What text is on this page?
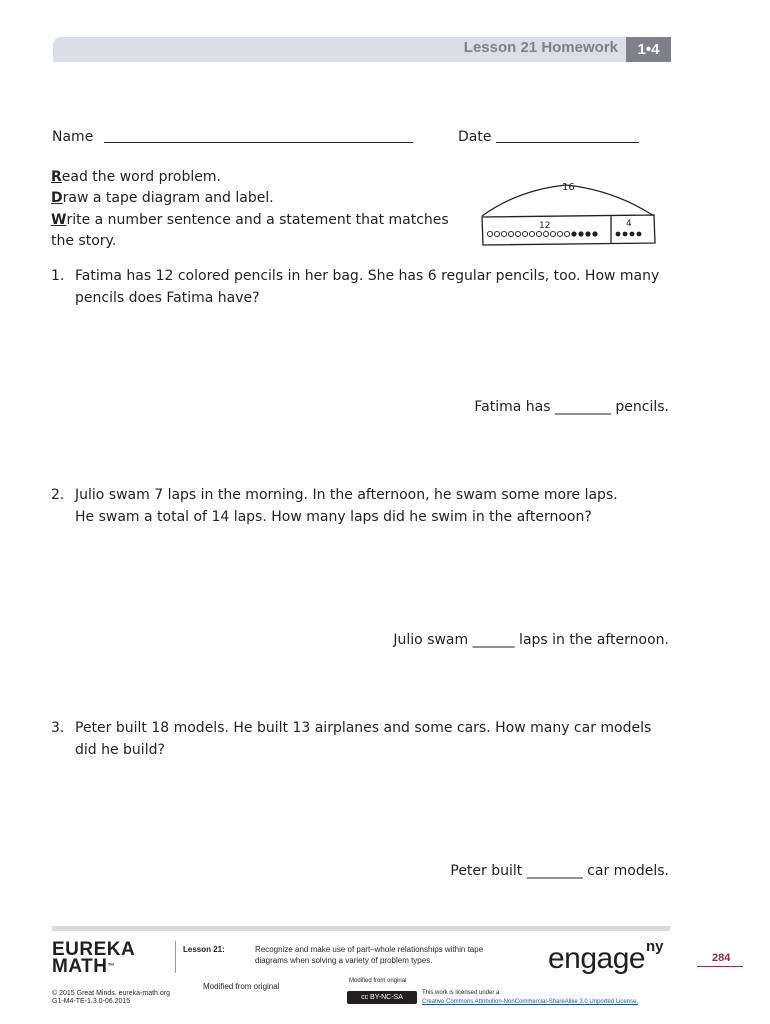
Lesson 21 Homework	1•4
Name	Date
Read the word problem.
Draw a tape diagram and label.
Write a number sentence and a statement that matches
the story.
16
12	4
1. Fatima has 12 colored pencils in her bag. She has 6 regular pencils, too. How many
pencils does Fatima have?
Fatima has ________ pencils.
2. Julio swam 7 laps in the morning. In the afternoon, he swam some more laps.
He swam a total of 14 laps. How many laps did he swim in the afternoon?
Julio swam ______ laps in the afternoon.
3. Peter built 18 models. He built 13 airplanes and some cars. How many car models
did he build?
Peter built ________ car models.
EUREKA
MATH™
© 2015 Great Minds. eureka-math.org
G1-M4-TE-1.3.0-06.2015
Lesson 21:	Recognize and make use of part–whole relationships within tape
diagrams when solving a variety of problem types.
Modified from original
Modified from original
cc BY-NC-SA
This work is licensed under a
Creative Commons Attribution-NonCommercial-ShareAlike 3.0 Unported License.
engage ny
284
